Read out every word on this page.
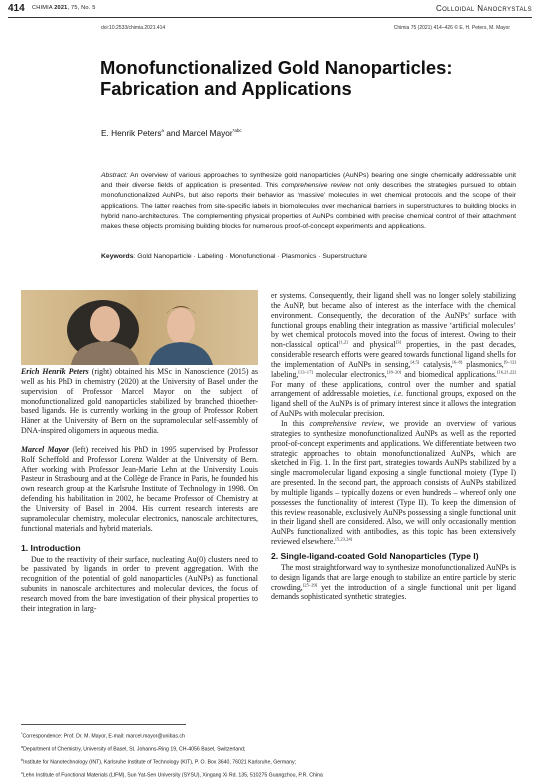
414 CHIMIA 2021, 75, No. 5	Colloidal Nanocrystals
doi:10.2533/chimia.2021.414	Chimia 75 (2021) 414–426 © E. H. Peters, M. Mayor
Monofunctionalized Gold Nanoparticles: Fabrication and Applications
E. Henrik Peters$^a$ and Marcel Mayor$^{*abc}$
Abstract: An overview of various approaches to synthesize gold nanoparticles (AuNPs) bearing one single chemically addressable unit and their diverse fields of application is presented. This comprehensive review not only describes the strategies pursued to obtain monofunctionalized AuNPs, but also reports their behavior as ‘massive’ molecules in wet chemical protocols and the scope of their applications. The latter reaches from site-specific labels in biomolecules over mechanical barriers in superstructures to building blocks in hybrid nano-architectures. The complementing physical properties of AuNPs combined with precise chemical control of their attachment makes these objects promising building blocks for numerous proof-of-concept experiments and applications.
Keywords: Gold Nanoparticle · Labeling · Monofunctional · Plasmonics · Superstructure

Erich Henrik Peters (right) obtained his MSc in Nanoscience (2015) as well as his PhD in chemistry (2020) at the University of Basel under the supervision of Professor Marcel Mayor on the subject of monofunctionalized gold nanoparticles stabilized by branched thioether-based ligands. He is currently working in the group of Professor Robert Häner at the University of Bern on the supramolecular self-assembly of DNA-inspired oligomers in aqueous media.

Marcel Mayor (left) received his PhD in 1995 supervised by Professor Rolf Scheffold and Professor Lorenz Walder at the University of Bern. After working with Professor Jean-Marie Lehn at the University Louis Pasteur in Strasbourg and at the Collège de France in Paris, he founded his own research group at the Karlsruhe Institute of Technology in 1998. On defending his habilitation in 2002, he became Professor of Chemistry at the University of Basel in 2004. His current research interests are supramolecular chemistry, molecular electronics, nanoscale architectures, functional materials and hybrid materials.

1. Introduction

Due to the reactivity of their surface, nucleating Au(0) clusters need to be passivated by ligands in order to prevent aggregation. With the recognition of the potential of gold nanoparticles (AuNPs) as functional subunits in nanoscale architectures and molecular devices, the focus of research moved from the bare investigation of their physical properties to their integration in larg-

er systems. Consequently, their ligand shell was no longer solely stabilizing the AuNP, but became also of interest as the interface with the chemical environment. Consequently, the decoration of the AuNPs’ surface with functional groups enabling their integration as massive ‘artificial molecules’ by wet chemical protocols moved into the focus of interest. Owing to their non-classical optical[1,2] and physical[3] properties, in the past decades, considerable research efforts were geared towards functional ligand shells for the implementation of AuNPs in sensing,[4,5] catalysis,[6–8] plasmonics,[9–12] labeling,[13–17] molecular electronics,[18–20] and biomedical applications.[16,21,22] For many of these applications, control over the number and spatial arrangement of addressable moieties, i.e. functional groups, exposed on the ligand shell of the AuNPs is of primary interest since it allows the integration of AuNPs with molecular precision.

In this comprehensive review, we provide an overview of various strategies to synthesize monofunctionalized AuNPs as well as the reported proof-of-concept experiments and applications. We differentiate between two strategic approaches to obtain monofunctionalized AuNPs, which are sketched in Fig. 1. In the first part, strategies towards AuNPs stabilized by a single macromolecular ligand exposing a single functional moiety (Type I) are presented. In the second part, the approach consists of AuNPs stabilized by multiple ligands – typically dozens or even hundreds – whereof only one possesses the functionality of interest (Type II). To keep the dimension of this review reasonable, exclusively AuNPs possessing a single functional unit in their ligand shell are considered. Also, we will only occasionally mention AuNPs functionalized with antibodies, as this topic has been extensively reviewed elsewhere.[5,23,24]

2. Single-ligand-coated Gold Nanoparticles (Type I)

The most straightforward way to synthesize monofunctionalized AuNPs is to design ligands that are large enough to stabilize an entire particle by steric crowding,[25–29] yet the introduction of a single functional unit per ligand demands sophisticated synthetic strategies.

*Correspondence: Prof. Dr. M. Mayor, E-mail: marcel.mayor@unibas.ch
$^a$Department of Chemistry, University of Basel, St. Johanns-Ring 19, CH-4056 Basel, Switzerland;
$^b$Institute for Nanotechnology (INT), Karlsruhe Institute of Technology (KIT), P. O. Box 3640, 76021 Karlsruhe, Germany;
$^c$Lehn Institute of Functional Materials (LIFM), Sun Yat-Sen University (SYSU), Xingang Xi Rd. 135, 510275 Guangzhou, P.R. China
